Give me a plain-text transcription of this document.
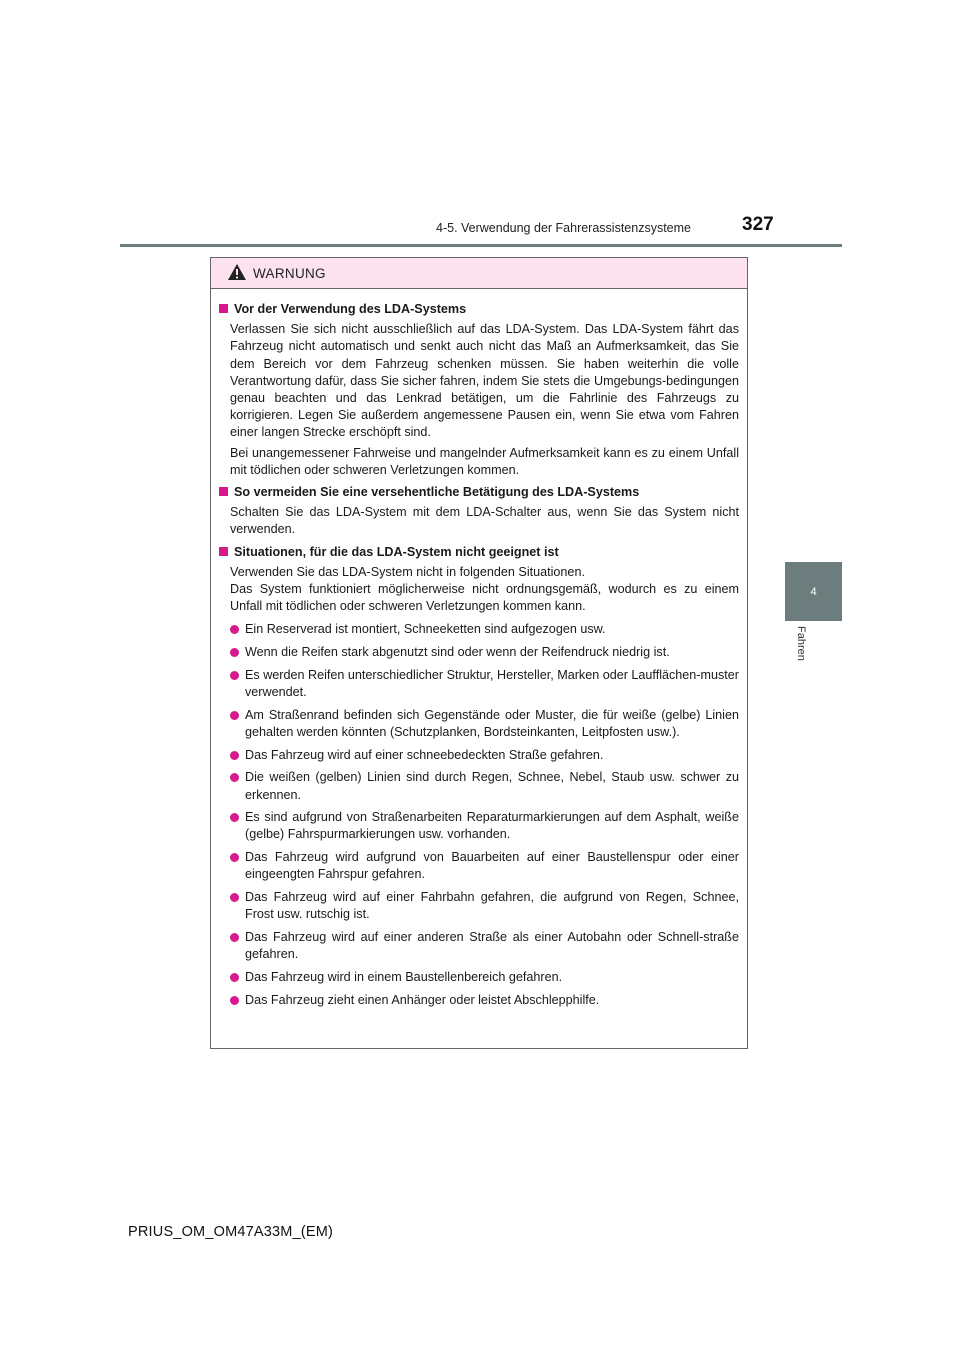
4-5. Verwendung der Fahrerassistenzsysteme	327
4
Fahren
WARNUNG
Vor der Verwendung des LDA-Systems
Verlassen Sie sich nicht ausschließlich auf das LDA-System. Das LDA-System fährt das Fahrzeug nicht automatisch und senkt auch nicht das Maß an Aufmerksamkeit, das Sie dem Bereich vor dem Fahrzeug schenken müssen. Sie haben weiterhin die volle Verantwortung dafür, dass Sie sicher fahren, indem Sie stets die Umgebungs-bedingungen genau beachten und das Lenkrad betätigen, um die Fahrlinie des Fahrzeugs zu korrigieren. Legen Sie außerdem angemessene Pausen ein, wenn Sie etwa vom Fahren einer langen Strecke erschöpft sind.
Bei unangemessener Fahrweise und mangelnder Aufmerksamkeit kann es zu einem Unfall mit tödlichen oder schweren Verletzungen kommen.
So vermeiden Sie eine versehentliche Betätigung des LDA-Systems
Schalten Sie das LDA-System mit dem LDA-Schalter aus, wenn Sie das System nicht verwenden.
Situationen, für die das LDA-System nicht geeignet ist
Verwenden Sie das LDA-System nicht in folgenden Situationen.
Das System funktioniert möglicherweise nicht ordnungsgemäß, wodurch es zu einem Unfall mit tödlichen oder schweren Verletzungen kommen kann.
Ein Reserverad ist montiert, Schneeketten sind aufgezogen usw.
Wenn die Reifen stark abgenutzt sind oder wenn der Reifendruck niedrig ist.
Es werden Reifen unterschiedlicher Struktur, Hersteller, Marken oder Laufflächen-muster verwendet.
Am Straßenrand befinden sich Gegenstände oder Muster, die für weiße (gelbe) Linien gehalten werden könnten (Schutzplanken, Bordsteinkanten, Leitpfosten usw.).
Das Fahrzeug wird auf einer schneebedeckten Straße gefahren.
Die weißen (gelben) Linien sind durch Regen, Schnee, Nebel, Staub usw. schwer zu erkennen.
Es sind aufgrund von Straßenarbeiten Reparaturmarkierungen auf dem Asphalt, weiße (gelbe) Fahrspurmarkierungen usw. vorhanden.
Das Fahrzeug wird aufgrund von Bauarbeiten auf einer Baustellenspur oder einer eingeengten Fahrspur gefahren.
Das Fahrzeug wird auf einer Fahrbahn gefahren, die aufgrund von Regen, Schnee, Frost usw. rutschig ist.
Das Fahrzeug wird auf einer anderen Straße als einer Autobahn oder Schnell-straße gefahren.
Das Fahrzeug wird in einem Baustellenbereich gefahren.
Das Fahrzeug zieht einen Anhänger oder leistet Abschlepphilfe.
PRIUS_OM_OM47A33M_(EM)
